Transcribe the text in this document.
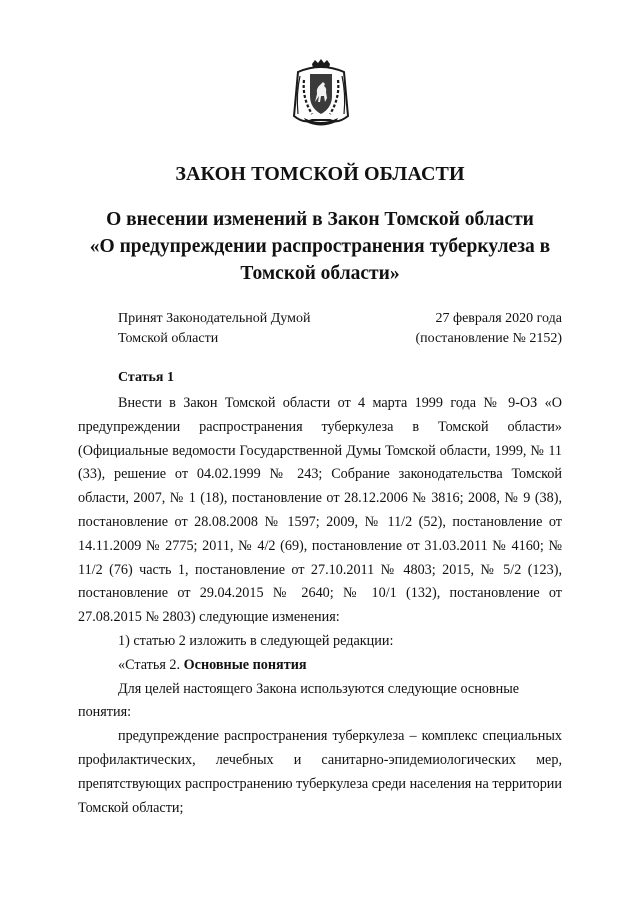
ЗАКОН ТОМСКОЙ ОБЛАСТИ
О внесении изменений в Закон Томской области
«О предупреждении распространения туберкулеза в
Томской области»
Принят Законодательной Думой
Томской области
27 февраля 2020 года
(постановление № 2152)
Статья 1

Внести в Закон Томской области от 4 марта 1999 года № 9-ОЗ «О предупреждении распространения туберкулеза в Томской области» (Официальные ведомости Государственной Думы Томской области, 1999, № 11 (33), решение от 04.02.1999 № 243; Собрание законодательства Томской области, 2007, № 1 (18), постановление от 28.12.2006 № 3816; 2008, № 9 (38), постановление от 28.08.2008 № 1597; 2009, № 11/2 (52), постановление от 14.11.2009 № 2775; 2011, № 4/2 (69), постановление от 31.03.2011 № 4160; № 11/2 (76) часть 1, постановление от 27.10.2011 № 4803; 2015, № 5/2 (123), постановление от 29.04.2015 № 2640; № 10/1 (132), постановление от 27.08.2015 № 2803) следующие изменения:

1) статью 2 изложить в следующей редакции:

«Статья 2. Основные понятия

Для целей настоящего Закона используются следующие основные понятия:

предупреждение распространения туберкулеза – комплекс специальных профилактических, лечебных и санитарно-эпидемиологических мер, препятствующих распространению туберкулеза среди населения на территории Томской области;
